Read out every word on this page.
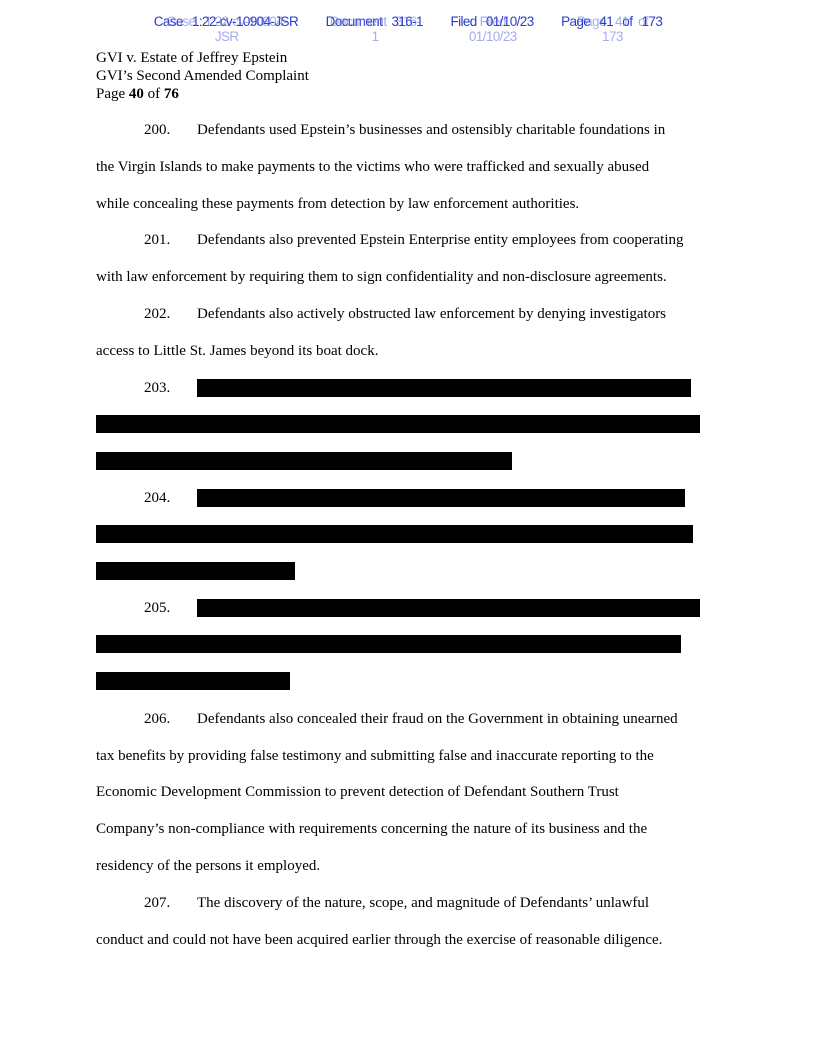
Case 1:22-cv-10904-JSR Case 1:22-cv-10904-JSR Document 316-1 Document 316-1 Filed 01/10/23 Filed 01/10/23 Page 41 of 173 Page 41 of 173
GVI v. Estate of Jeffrey Epstein
GVI’s Second Amended Complaint
Page 40 of 76
200. Defendants used Epstein’s businesses and ostensibly charitable foundations in
the Virgin Islands to make payments to the victims who were trafficked and sexually abused
while concealing these payments from detection by law enforcement authorities.
201. Defendants also prevented Epstein Enterprise entity employees from cooperating
with law enforcement by requiring them to sign confidentiality and non-disclosure agreements.
202. Defendants also actively obstructed law enforcement by denying investigators
access to Little St. James beyond its boat dock.
203.
204.
205.
206. Defendants also concealed their fraud on the Government in obtaining unearned
tax benefits by providing false testimony and submitting false and inaccurate reporting to the
Economic Development Commission to prevent detection of Defendant Southern Trust
Company’s non-compliance with requirements concerning the nature of its business and the
residency of the persons it employed.
207. The discovery of the nature, scope, and magnitude of Defendants’ unlawful
conduct and could not have been acquired earlier through the exercise of reasonable diligence.
